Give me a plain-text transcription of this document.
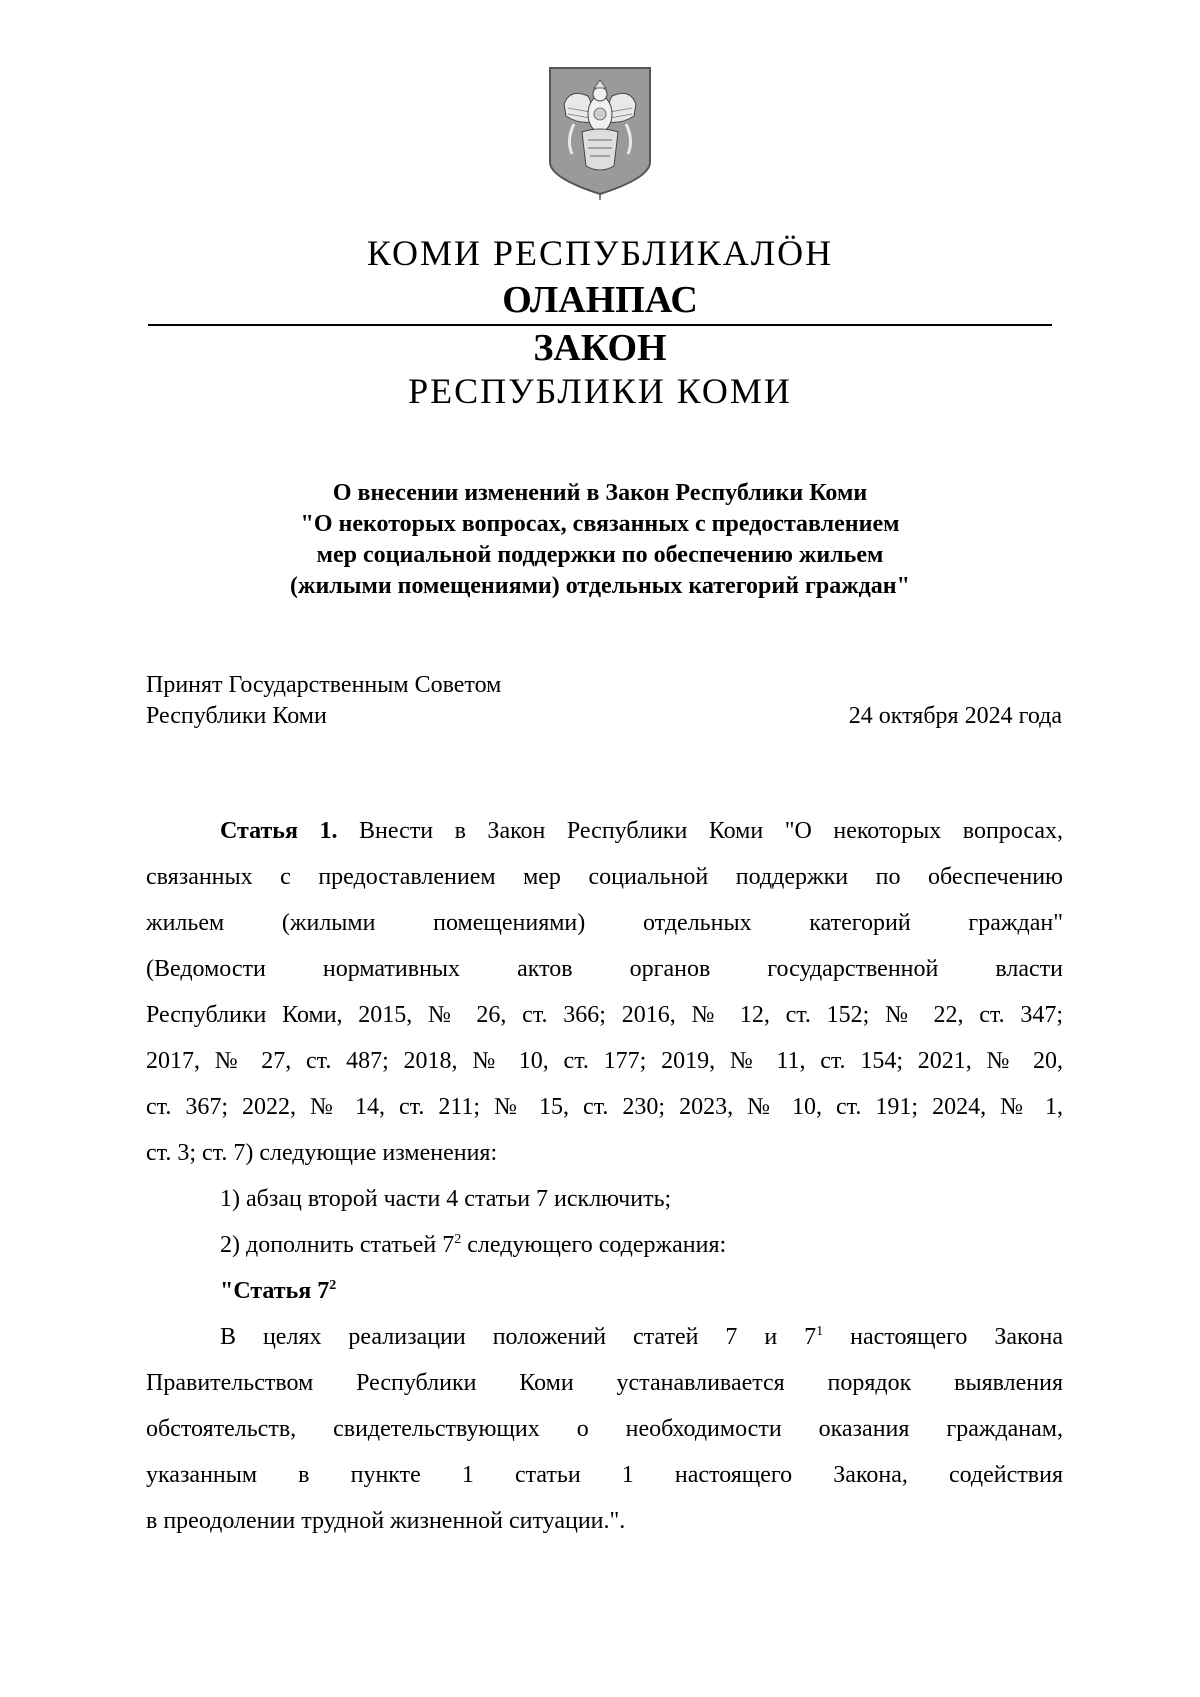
КОМИ РЕСПУБЛИКАЛӦН
ОЛАНПАС
ЗАКОН
РЕСПУБЛИКИ КОМИ
О внесении изменений в Закон Республики Коми
"О некоторых вопросах, связанных с предоставлением
мер социальной поддержки по обеспечению жильем
(жилыми помещениями) отдельных категорий граждан"
Принят Государственным Советом
Республики Коми	24 октября 2024 года
Статья 1. Внести в Закон Республики Коми "О некоторых вопросах,
связанных с предоставлением мер социальной поддержки по обеспечению
жильем (жилыми помещениями) отдельных категорий граждан"
(Ведомости нормативных актов органов государственной власти
Республики Коми, 2015, № 26, ст. 366; 2016, № 12, ст. 152; № 22, ст. 347;
2017, № 27, ст. 487; 2018, № 10, ст. 177; 2019, № 11, ст. 154; 2021, № 20,
ст. 367; 2022, № 14, ст. 211; № 15, ст. 230; 2023, № 10, ст. 191; 2024, № 1,
ст. 3; ст. 7) следующие изменения:
1) абзац второй части 4 статьи 7 исключить;
2) дополнить статьей $7^2$ следующего содержания:
"Статья $7^2$
В целях реализации положений статей 7 и $7^1$ настоящего Закона
Правительством Республики Коми устанавливается порядок выявления
обстоятельств, свидетельствующих о необходимости оказания гражданам,
указанным в пункте 1 статьи 1 настоящего Закона, содействия
в преодолении трудной жизненной ситуации.".
